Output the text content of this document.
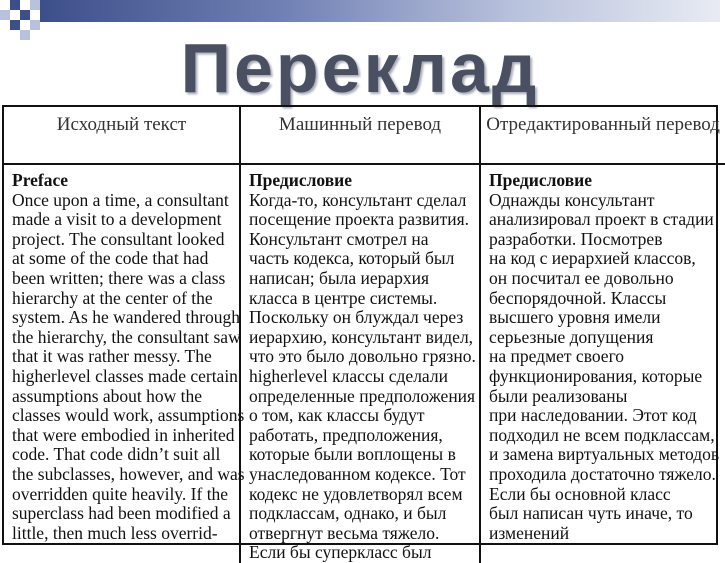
Переклад
Исходный текст	Машинный перевод	Отредактированный перевод
Preface
Once upon a time, a consultant
made a visit to a development
project. The consultant looked
at some of the code that had
been written; there was a class
hierarchy at the center of the
system. As he wandered through
the hierarchy, the consultant saw
that it was rather messy. The
higherlevel classes made certain
assumptions about how the
classes would work, assumptions
that were embodied in inherited
code. That code didn’t suit all
the subclasses, however, and was
overridden quite heavily. If the
superclass had been modified a
little, then much less overrid-
Предисловие
Когда-то, консультант сделал
посещение проекта развития.
Консультант смотрел на
часть кодекса, который был
написан; была иерархия
класса в центре системы.
Поскольку он блуждал через
иерархию, консультант видел,
что это было довольно грязно.
higherlevel классы сделали
определенные предположения
о том, как классы будут
работать, предположения,
которые были воплощены в
унаследованном кодексе. Тот
кодекс не удовлетворял всем
подклассам, однако, и был
отвергнут весьма тяжело.
Если бы суперкласс был
Предисловие
Однажды консультант
анализировал проект в стадии
разработки. Посмотрев
на код с иерархией классов,
он посчитал ее довольно
беспорядочной. Классы
высшего уровня имели
серьезные допущения
на предмет своего
функционирования, которые
были реализованы
при наследовании. Этот код
подходил не всем подклассам,
и замена виртуальных методов
проходила достаточно тяжело.
Если бы основной класс
был написан чуть иначе, то
изменений
